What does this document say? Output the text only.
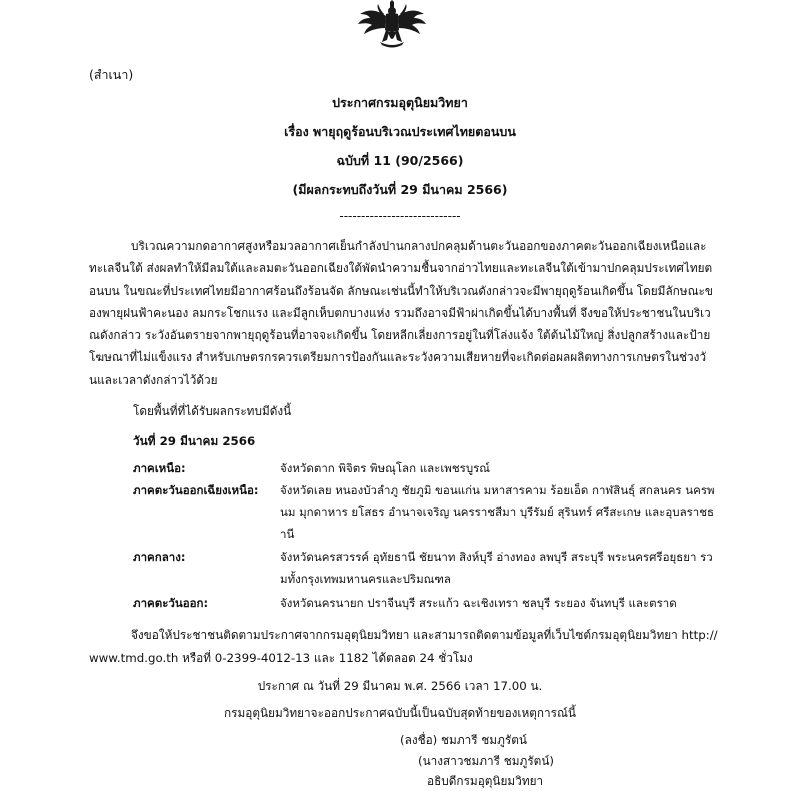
(สำเนา)
ประกาศกรมอุตุนิยมวิทยา
เรื่อง พายุฤดูร้อนบริเวณประเทศไทยตอนบน
ฉบับที่ 11 (90/2566)
(มีผลกระทบถึงวันที่ 29 มีนาคม 2566)
----------------------------
บริเวณความกดอากาศสูงหรือมวลอากาศเย็นกำลังปานกลางปกคลุมด้านตะวันออกของภาคตะวันออกเฉียงเหนือและทะเลจีนใต้ ส่งผลทำให้มีลมใต้และลมตะวันออกเฉียงใต้พัดนำความชื้นจากอ่าวไทยและทะเลจีนใต้เข้ามาปกคลุมประเทศไทยตอนบน ในขณะที่ประเทศไทยมีอากาศร้อนถึงร้อนจัด ลักษณะเช่นนี้ทำให้บริเวณดังกล่าวจะมีพายุฤดูร้อนเกิดขึ้น โดยมีลักษณะของพายุฝนฟ้าคะนอง ลมกระโชกแรง และมีลูกเห็บตกบางแห่ง รวมถึงอาจมีฟ้าผ่าเกิดขึ้นได้บางพื้นที่ จึงขอให้ประชาชนในบริเวณดังกล่าว ระวังอันตรายจากพายุฤดูร้อนที่อาจจะเกิดขึ้น โดยหลีกเลี่ยงการอยู่ในที่โล่งแจ้ง ใต้ต้นไม้ใหญ่ สิ่งปลูกสร้างและป้ายโฆษณาที่ไม่แข็งแรง สำหรับเกษตรกรควรเตรียมการป้องกันและระวังความเสียหายที่จะเกิดต่อผลผลิตทางการเกษตรในช่วงวันและเวลาดังกล่าวไว้ด้วย
โดยพื้นที่ที่ได้รับผลกระทบมีดังนี้
วันที่ 29 มีนาคม 2566
ภาคเหนือ:	จังหวัดตาก พิจิตร พิษณุโลก และเพชรบูรณ์
ภาคตะวันออกเฉียงเหนือ: จังหวัดเลย หนองบัวลำภู ชัยภูมิ ขอนแก่น มหาสารคาม ร้อยเอ็ด กาฬสินธุ์ สกลนคร นครพนม มุกดาหาร ยโสธร อำนาจเจริญ นครราชสีมา บุรีรัมย์ สุรินทร์ ศรีสะเกษ และอุบลราชธานี
ภาคกลาง:	จังหวัดนครสวรรค์ อุทัยธานี ชัยนาท สิงห์บุรี อ่างทอง ลพบุรี สระบุรี พระนครศรีอยุธยา รวมทั้งกรุงเทพมหานครและปริมณฑล
ภาคตะวันออก:	จังหวัดนครนายก ปราจีนบุรี สระแก้ว ฉะเชิงเทรา ชลบุรี ระยอง จันทบุรี และตราด
จึงขอให้ประชาชนติดตามประกาศจากกรมอุตุนิยมวิทยา และสามารถติดตามข้อมูลที่เว็บไซต์กรมอุตุนิยมวิทยา http://www.tmd.go.th หรือที่ 0-2399-4012-13 และ 1182 ได้ตลอด 24 ชั่วโมง
ประกาศ ณ วันที่ 29 มีนาคม พ.ศ. 2566 เวลา 17.00 น.
กรมอุตุนิยมวิทยาจะออกประกาศฉบับนี้เป็นฉบับสุดท้ายของเหตุการณ์นี้
(ลงชื่อ) ชมภารี ชมภูรัตน์
(นางสาวชมภารี ชมภูรัตน์)
อธิบดีกรมอุตุนิยมวิทยา
